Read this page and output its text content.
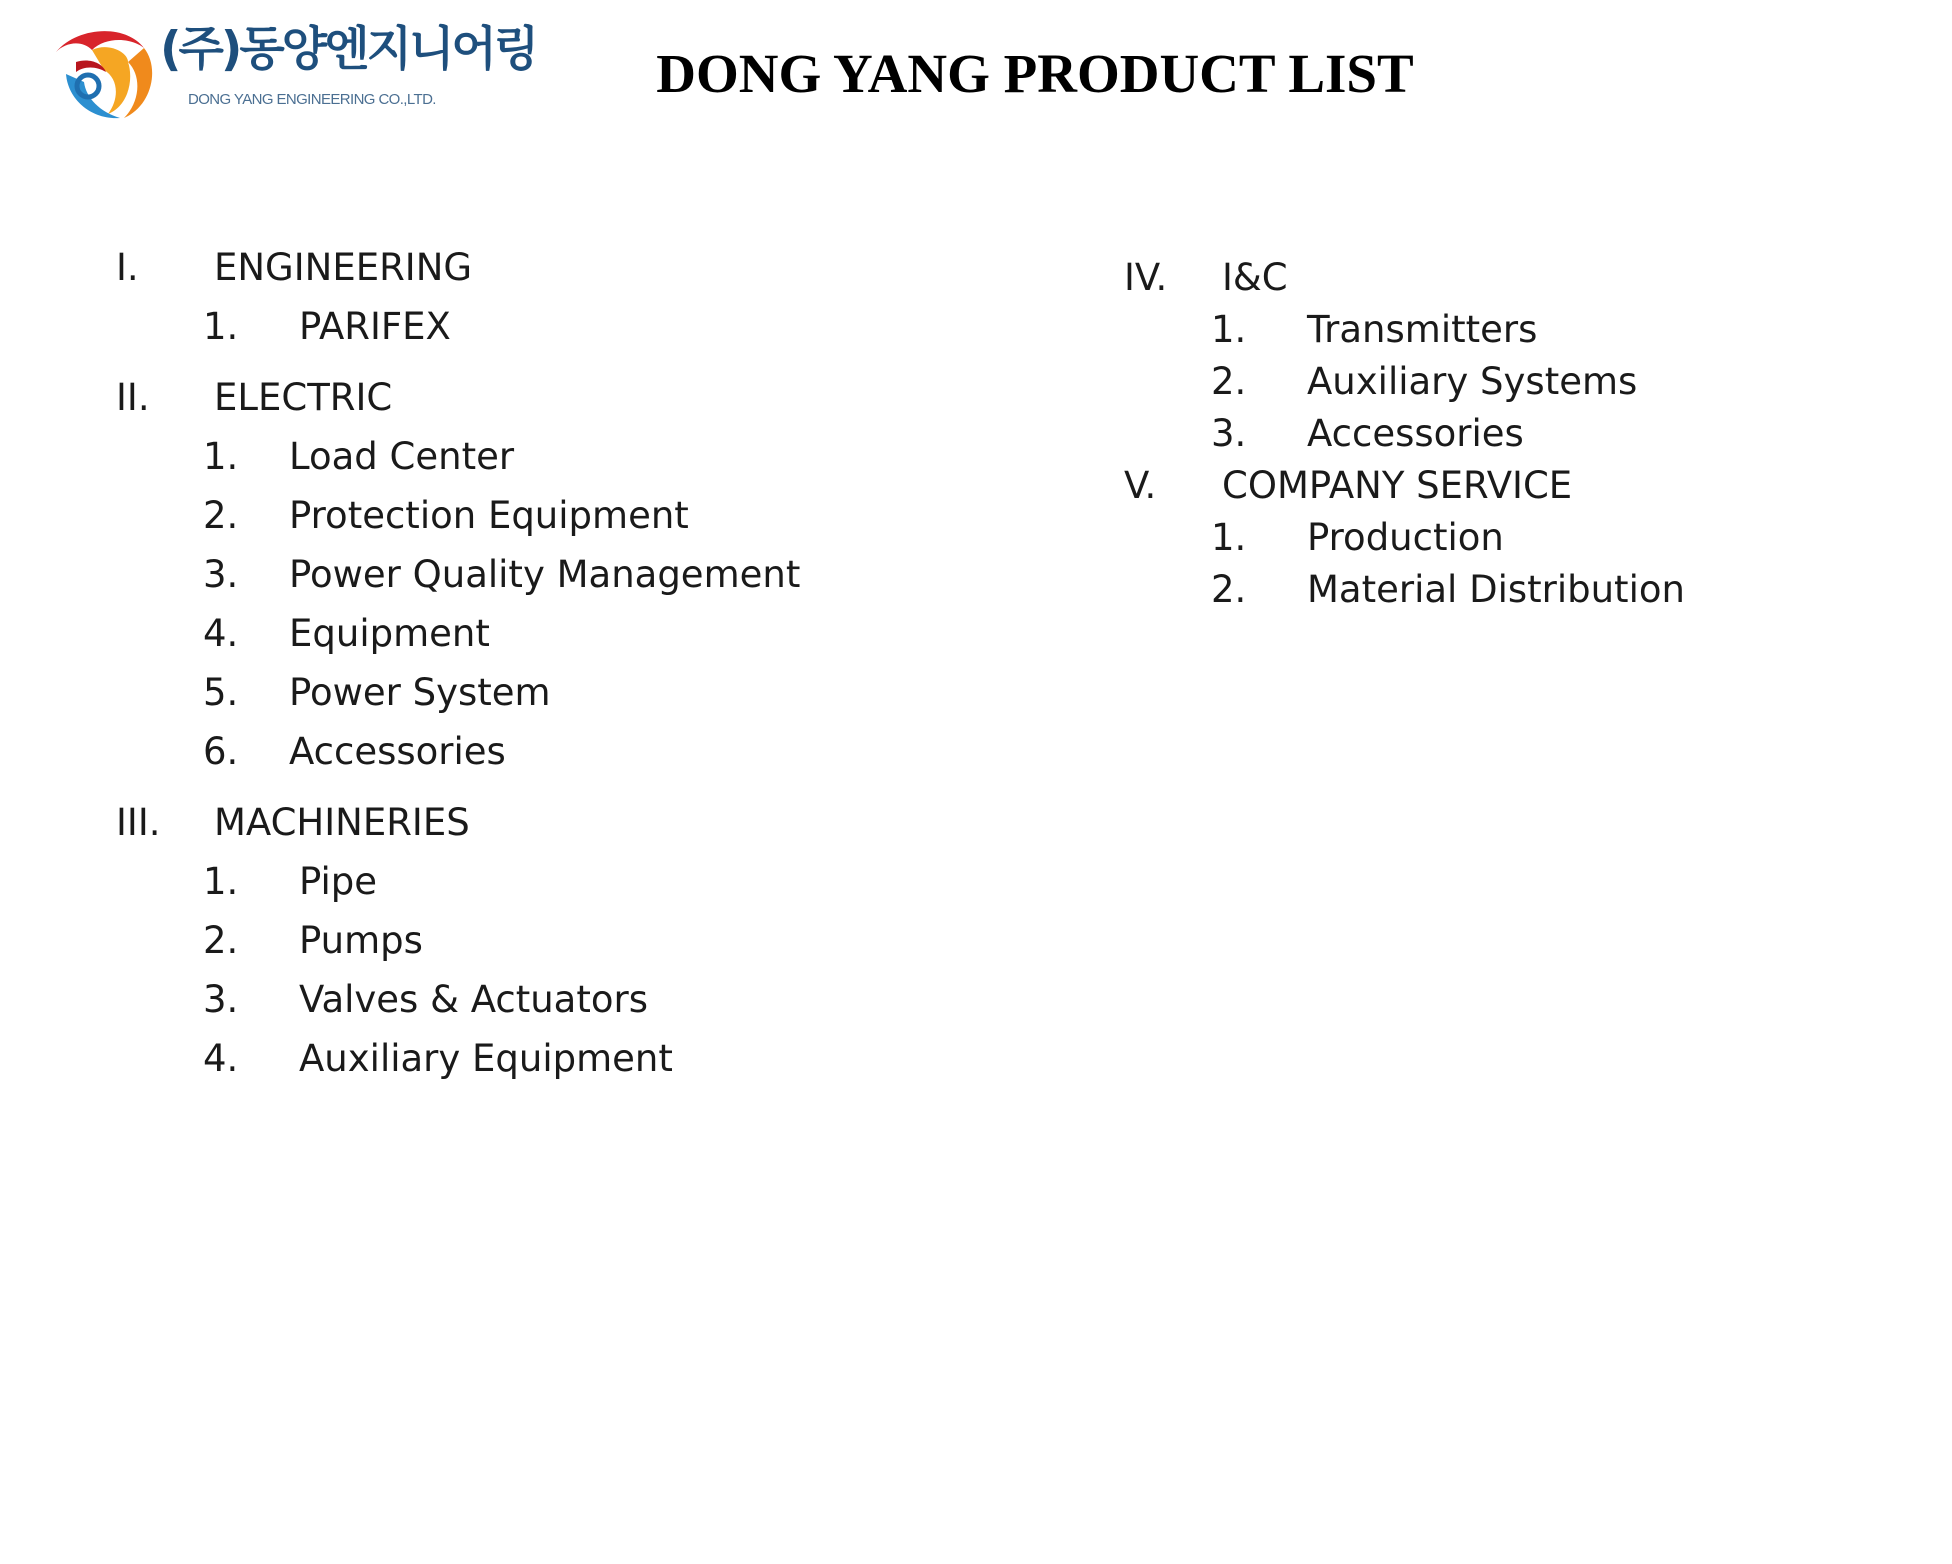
(주)동양엔지니어링
DONG YANG ENGINEERING CO.,LTD.	DONG YANG PRODUCT LIST
I.	ENGINEERING
1.	PARIFEX
II.	ELECTRIC
1.	Load Center
2.	Protection Equipment
3.	Power Quality Management
4.	Equipment
5.	Power System
6.	Accessories
III.	MACHINERIES
1.	Pipe
2.	Pumps
3.	Valves & Actuators
4.	Auxiliary Equipment
IV.	I&C
1.	Transmitters
2.	Auxiliary Systems
3.	Accessories
V.	COMPANY SERVICE
1.	Production
2.	Material Distribution
